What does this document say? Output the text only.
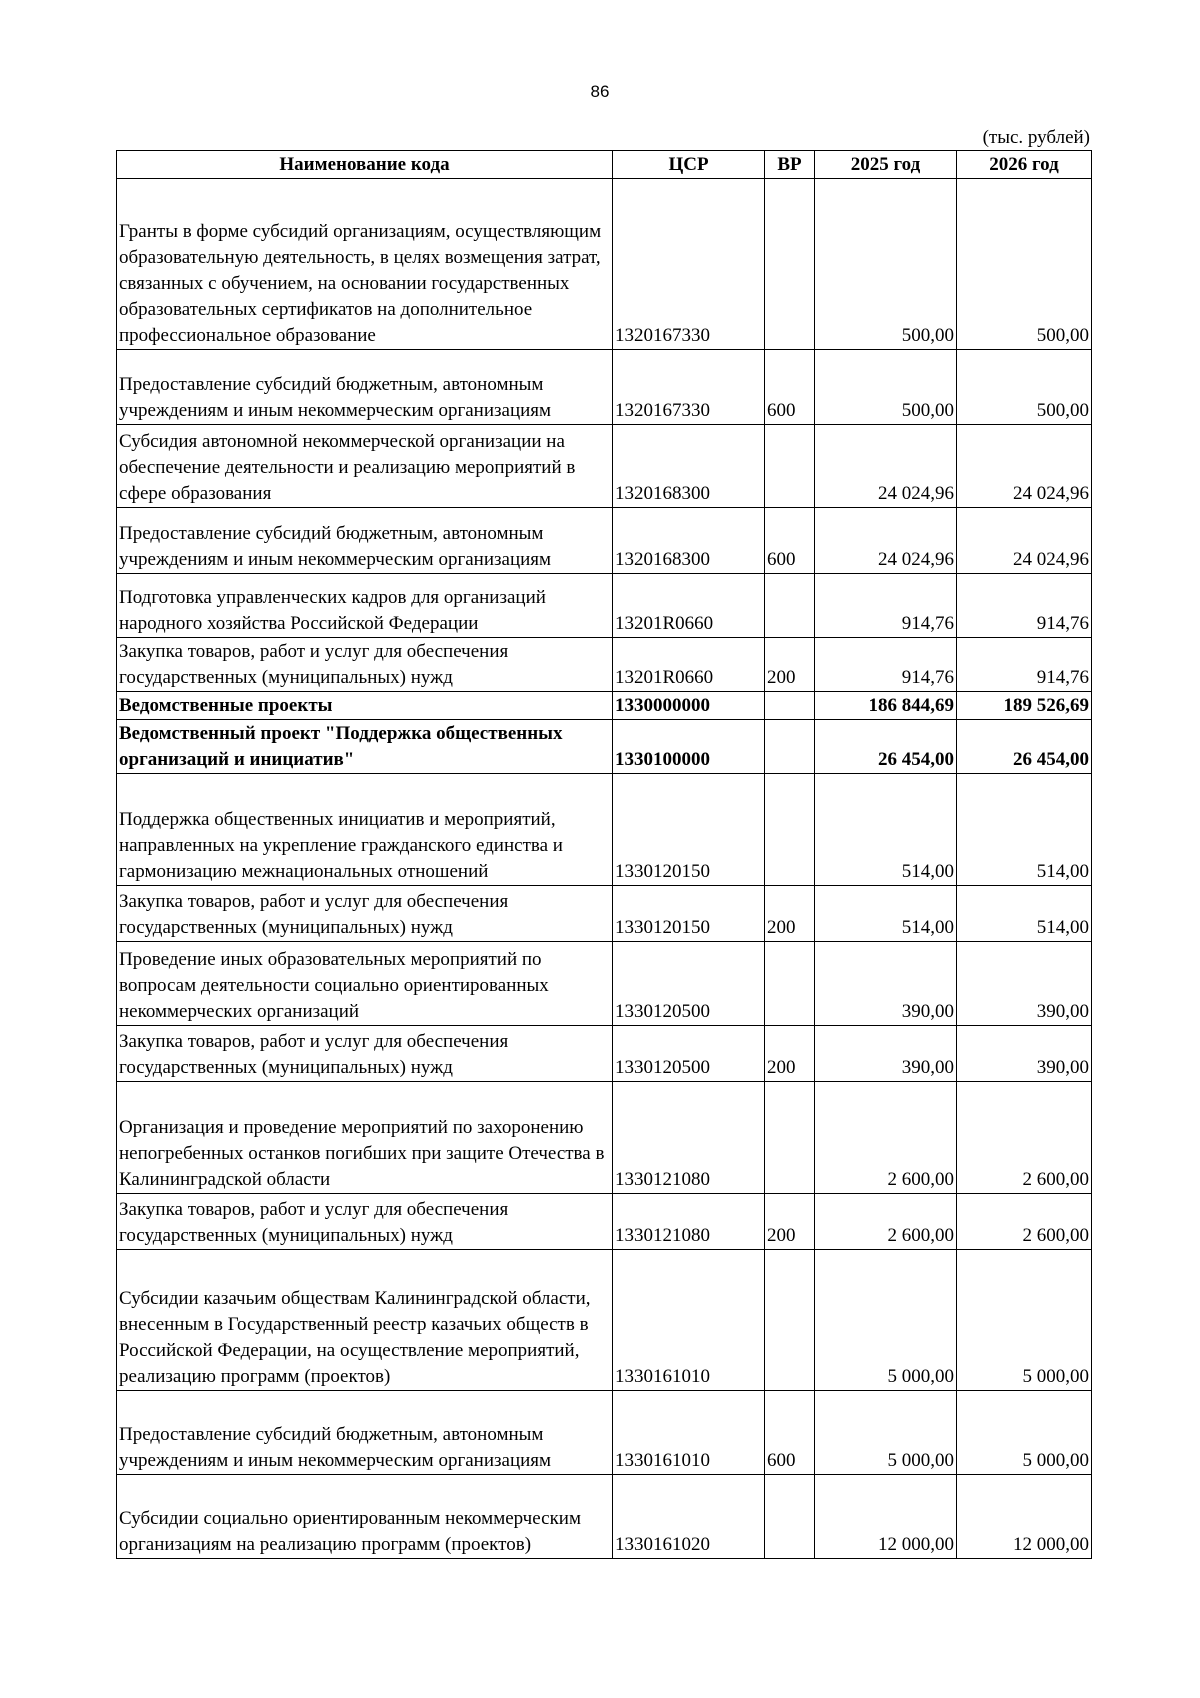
86
(тыс. рублей)
Наименование кода	ЦСР	ВР	2025 год	2026 год
Гранты в форме субсидий организациям, осуществляющим образовательную деятельность, в целях возмещения затрат, связанных с обучением, на основании государственных образовательных сертификатов на дополнительное профессиональное образование	1320167330		500,00	500,00
Предоставление субсидий бюджетным, автономным учреждениям и иным некоммерческим организациям	1320167330	600	500,00	500,00
Субсидия автономной некоммерческой организации на обеспечение деятельности и реализацию мероприятий в сфере образования	1320168300		24 024,96	24 024,96
Предоставление субсидий бюджетным, автономным учреждениям и иным некоммерческим организациям	1320168300	600	24 024,96	24 024,96
Подготовка управленческих кадров для организаций народного хозяйства Российской Федерации	13201R0660		914,76	914,76
Закупка товаров, работ и услуг для обеспечения государственных (муниципальных) нужд	13201R0660	200	914,76	914,76
Ведомственные проекты	1330000000		186 844,69	189 526,69
Ведомственный проект "Поддержка общественных организаций и инициатив"	1330100000		26 454,00	26 454,00
Поддержка общественных инициатив и мероприятий, направленных на укрепление гражданского единства и гармонизацию межнациональных отношений	1330120150		514,00	514,00
Закупка товаров, работ и услуг для обеспечения государственных (муниципальных) нужд	1330120150	200	514,00	514,00
Проведение иных образовательных мероприятий по вопросам деятельности социально ориентированных некоммерческих организаций	1330120500		390,00	390,00
Закупка товаров, работ и услуг для обеспечения государственных (муниципальных) нужд	1330120500	200	390,00	390,00
Организация и проведение мероприятий по захоронению непогребенных останков погибших при защите Отечества в Калининградской области	1330121080		2 600,00	2 600,00
Закупка товаров, работ и услуг для обеспечения государственных (муниципальных) нужд	1330121080	200	2 600,00	2 600,00
Субсидии казачьим обществам Калининградской области, внесенным в Государственный реестр казачьих обществ в Российской Федерации, на осуществление мероприятий, реализацию программ (проектов)	1330161010		5 000,00	5 000,00
Предоставление субсидий бюджетным, автономным учреждениям и иным некоммерческим организациям	1330161010	600	5 000,00	5 000,00
Субсидии социально ориентированным некоммерческим организациям на реализацию программ (проектов)	1330161020		12 000,00	12 000,00
